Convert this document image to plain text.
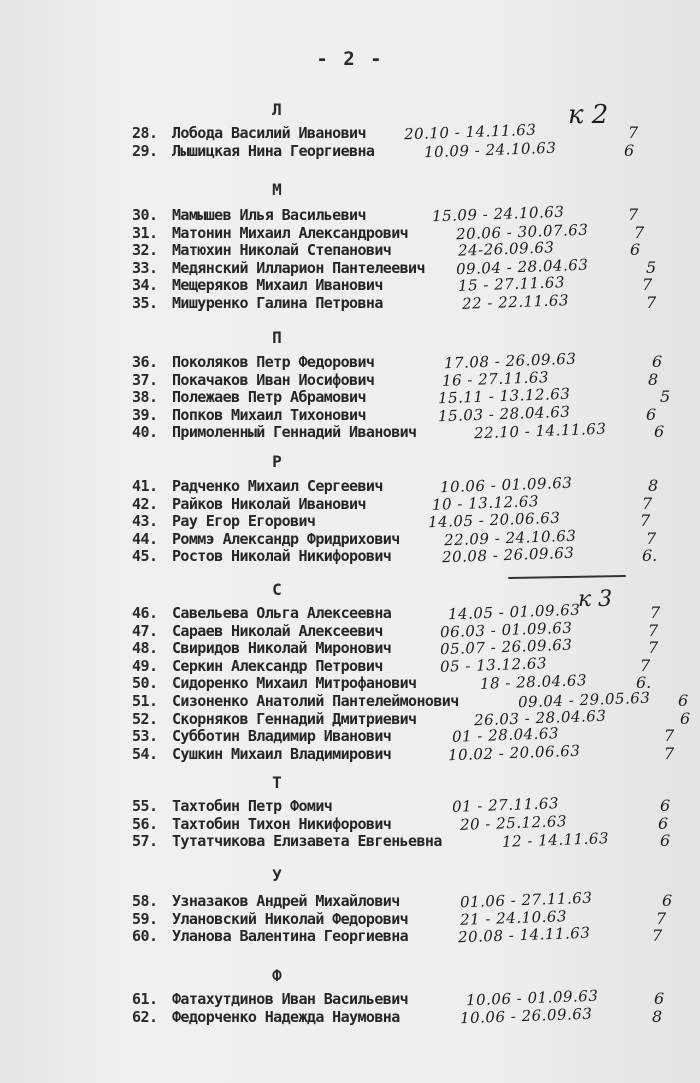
- 2 -
к 2
к 3
Л
28. Лобода Василий Иванович	20.10 - 14.11.63	7
29. Лышицкая Нина Георгиевна	10.09 - 24.10.63	6
М
30. Мамышев Илья Васильевич	15.09 - 24.10.63	7
31. Матонин Михаил Александрович	20.06 - 30.07.63	7
32. Матюхин Николай Степанович	24-26.09.63	6
33. Медянский Илларион Пантелеевич 09.04 - 28.04.63	5
34. Мещеряков Михаил Иванович	15 - 27.11.63	7
35. Мишуренко Галина Петровна	22 - 22.11.63	7
П
36. Поколяков Петр Федорович	17.08 - 26.09.63	6
37. Покачаков Иван Иосифович	16 - 27.11.63	8
38. Полежаев Петр Абрамович	15.11 - 13.12.63	5
39. Попков Михаил Тихонович	15.03 - 28.04.63	6
40. Примоленный Геннадий Иванович	22.10 - 14.11.63	6
Р
41. Радченко Михаил Сергеевич	10.06 - 01.09.63	8
42. Райков Николай Иванович	10 - 13.12.63	7
43. Рау Егор Егорович	14.05 - 20.06.63	7
44. Роммэ Александр Фридрихович	22.09 - 24.10.63	7
45. Ростов Николай Никифорович	20.08 - 26.09.63	6.
С
46. Савельева Ольга Алексеевна	14.05 - 01.09.63	7
47. Сараев Николай Алексеевич	06.03 - 01.09.63	7
48. Свиридов Николай Миронович	05.07 - 26.09.63	7
49. Серкин Александр Петрович	05 - 13.12.63	7
50. Сидоренко Михаил Митрофанович	18 - 28.04.63	6.
51. Сизоненко Анатолий Пантелеймонович	09.04 - 29.05.63 6
52. Скорняков Геннадий Дмитриевич	26.03 - 28.04.63	6
53. Субботин Владимир Иванович	01 - 28.04.63	7
54. Сушкин Михаил Владимирович	10.02 - 20.06.63	7
Т
55. Тахтобин Петр Фомич	01 - 27.11.63	6
56. Тахтобин Тихон Никифорович	20 - 25.12.63	6
57. Тутатчикова Елизавета Евгеньевна	12 - 14.11.63	6
У
58. Узназаков Андрей Михайлович	01.06 - 27.11.63	6
59. Улановский Николай Федорович	21 - 24.10.63	7
60. Уланова Валентина Георгиевна	20.08 - 14.11.63	7
Ф
61. Фатахутдинов Иван Васильевич	10.06 - 01.09.63	6
62. Федорченко Надежда Наумовна	10.06 - 26.09.63	8
